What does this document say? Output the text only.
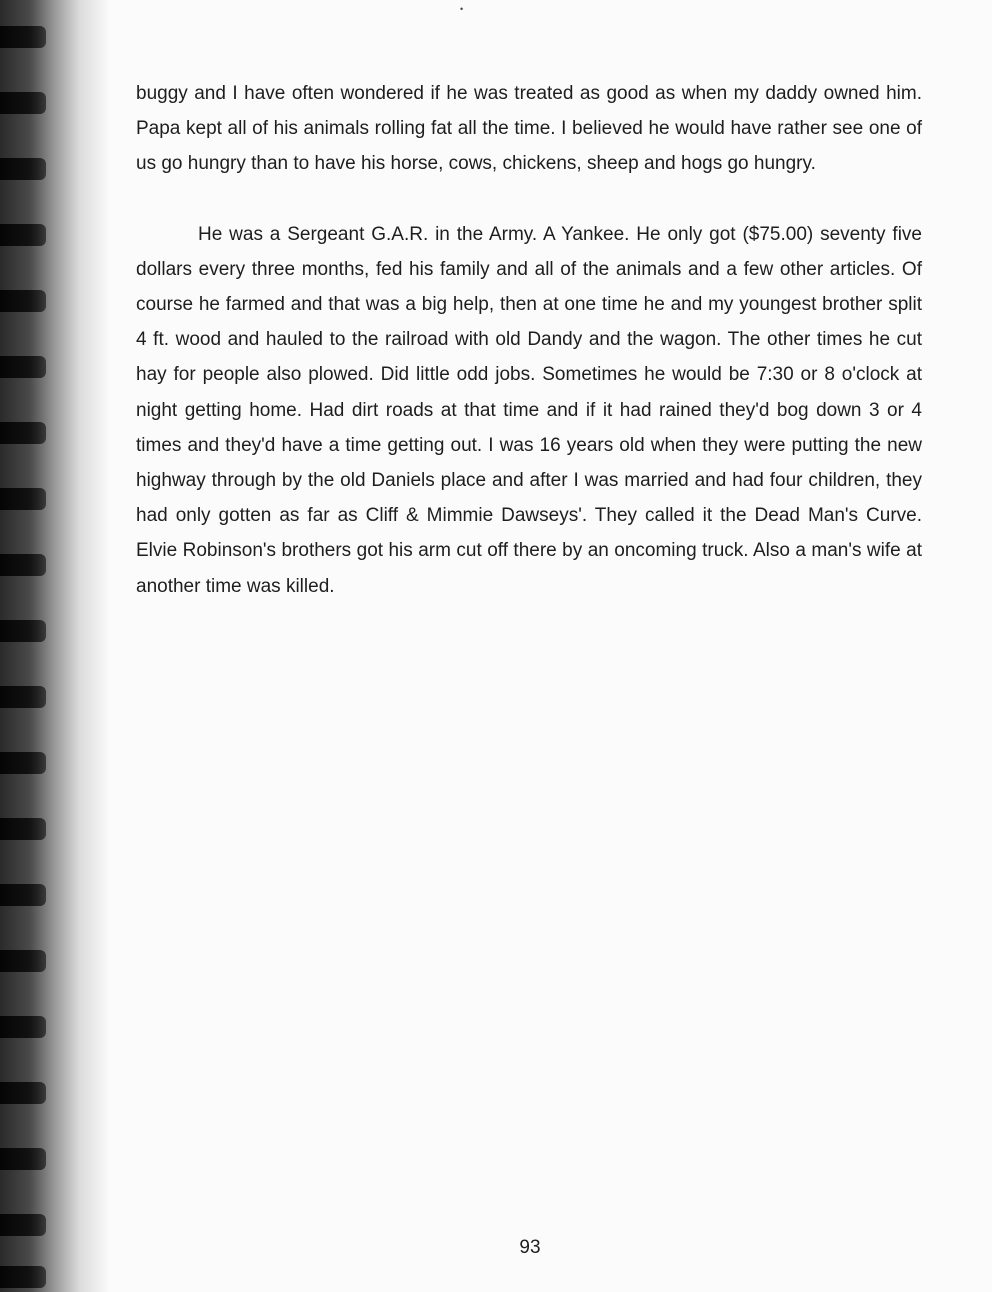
•

buggy and I have often wondered if he was treated as good as when my daddy owned him. Papa kept all of his animals rolling fat all the time. I believed he would have rather see one of us go hungry than to have his horse, cows, chickens, sheep and hogs go hungry.

He was a Sergeant G.A.R. in the Army. A Yankee. He only got ($75.00) seventy five dollars every three months, fed his family and all of the animals and a few other articles. Of course he farmed and that was a big help, then at one time he and my youngest brother split 4 ft. wood and hauled to the railroad with old Dandy and the wagon. The other times he cut hay for people also plowed. Did little odd jobs. Sometimes he would be 7:30 or 8 o'clock at night getting home. Had dirt roads at that time and if it had rained they'd bog down 3 or 4 times and they'd have a time getting out. I was 16 years old when they were putting the new highway through by the old Daniels place and after I was married and had four children, they had only gotten as far as Cliff & Mimmie Dawseys'. They called it the Dead Man's Curve. Elvie Robinson's brothers got his arm cut off there by an oncoming truck. Also a man's wife at another time was killed.

93
